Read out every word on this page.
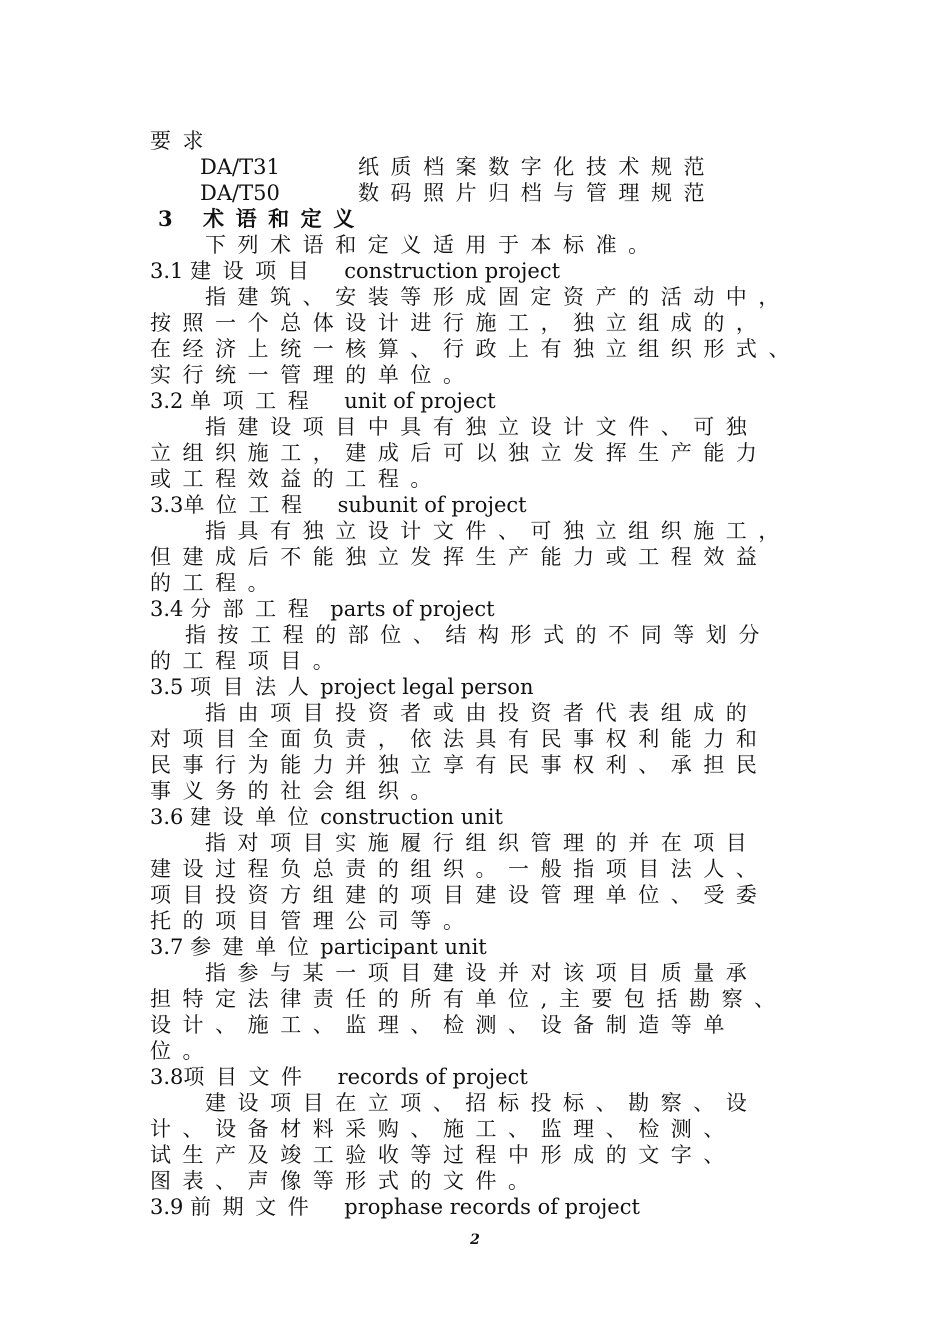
要求
DA/T31	纸质档案数字化技术规范
DA/T50	数码照片归档与管理规范
3 术语和定义
下列术语和定义适用于本标准。
3.1 建设项目 construction project
指建筑、安装等形成固定资产的活动中，
按照一个总体设计进行施工，独立组成的，
在经济上统一核算、行政上有独立组织形式、
实行统一管理的单位。
3.2 单项工程 unit of project
指建设项目中具有独立设计文件、可独
立组织施工，建成后可以独立发挥生产能力
或工程效益的工程。
3.3单位工程 subunit of project
指具有独立设计文件、可独立组织施工，
但建成后不能独立发挥生产能力或工程效益
的工程。
3.4 分部工程 parts of project
指按工程的部位、结构形式的不同等划分
的工程项目。
3.5 项目法人project legal person
指由项目投资者或由投资者代表组成的
对项目全面负责，依法具有民事权利能力和
民事行为能力并独立享有民事权利、承担民
事义务的社会组织。
3.6 建设单位construction unit
指对项目实施履行组织管理的并在项目
建设过程负总责的组织。一般指项目法人、
项目投资方组建的项目建设管理单位、受委
托的项目管理公司等。
3.7 参建单位participant unit
指参与某一项目建设并对该项目质量承
担特定法律责任的所有单位,主要包括勘察、
设计、施工、监理、检测、设备制造等单
位。
3.8项目文件 records of project
建设项目在立项、招标投标、勘察、设
计、设备材料采购、施工、监理、检测、
试生产及竣工验收等过程中形成的文字、
图表、声像等形式的文件。
3.9 前期文件 prophase records of project
2
